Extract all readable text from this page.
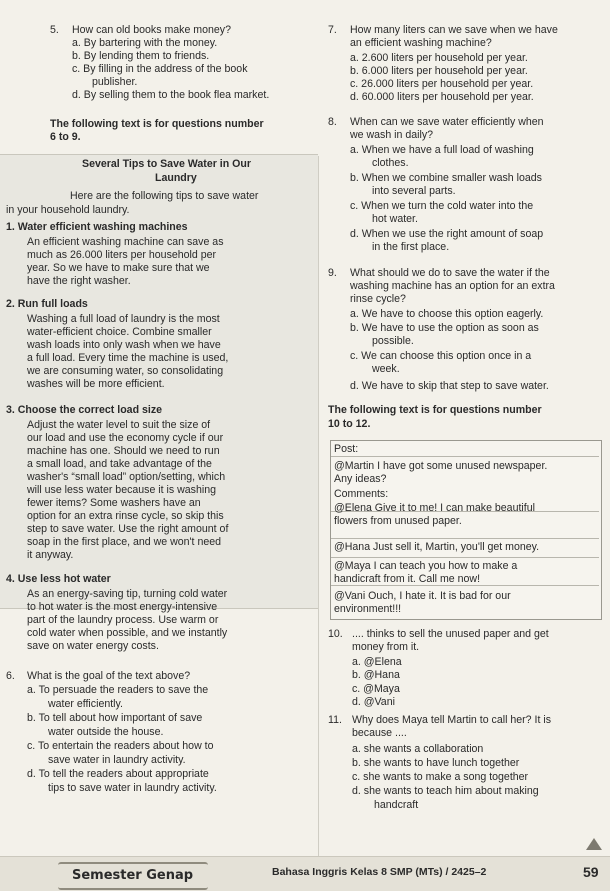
5. How can old books make money?

a. By bartering with the money.

b. By lending them to friends.

c. By filling in the address of the book

publisher.

d. By selling them to the book flea market.

The following text is for questions number

6 to 9.

Several Tips to Save Water in Our

Laundry

Here are the following tips to save water

in your household laundry.

1. Water efficient washing machines

An efficient washing machine can save as

much as 26.000 liters per household per

year. So we have to make sure that we

have the right washer.

2. Run full loads

Washing a full load of laundry is the most

water-efficient choice. Combine smaller

wash loads into only wash when we have

a full load. Every time the machine is used,

we are consuming water, so consolidating

washes will be more efficient.

3. Choose the correct load size

Adjust the water level to suit the size of

our load and use the economy cycle if our

machine has one. Should we need to run

a small load, and take advantage of the

washer's “small load” option/setting, which

will use less water because it is washing

fewer items? Some washers have an

option for an extra rinse cycle, so skip this

step to save water. Use the right amount of

soap in the first place, and we won't need

it anyway.

4. Use less hot water

As an energy-saving tip, turning cold water

to hot water is the most energy-intensive

part of the laundry process. Use warm or

cold water when possible, and we instantly

save on water energy costs.

6. What is the goal of the text above?

a. To persuade the readers to save the

water efficiently.

b. To tell about how important of save

water outside the house.

c. To entertain the readers about how to

save water in laundry activity.

d. To tell the readers about appropriate

tips to save water in laundry activity.

7. How many liters can we save when we have

an efficient washing machine?

a. 2.600 liters per household per year.

b. 6.000 liters per household per year.

c. 26.000 liters per household per year.

d. 60.000 liters per household per year.

8. When can we save water efficiently when

we wash in daily?

a. When we have a full load of washing

clothes.

b. When we combine smaller wash loads

into several parts.

c. When we turn the cold water into the

hot water.

d. When we use the right amount of soap

in the first place.

9. What should we do to save the water if the

washing machine has an option for an extra

rinse cycle?

a. We have to choose this option eagerly.

b. We have to use the option as soon as

possible.

c. We can choose this option once in a

week.

d. We have to skip that step to save water.

The following text is for questions number

10 to 12.

Post:

@Martin I have got some unused newspaper.

Any ideas?

Comments:

@Elena Give it to me! I can make beautiful

flowers from unused paper.

@Hana Just sell it, Martin, you'll get money.

@Maya I can teach you how to make a

handicraft from it. Call me now!

@Vani Ouch, I hate it. It is bad for our

environment!!!

10. .... thinks to sell the unused paper and get

money from it.

a. @Elena

b. @Hana

c. @Maya

d. @Vani

11. Why does Maya tell Martin to call her? It is

because ....

a. she wants a collaboration

b. she wants to have lunch together

c. she wants to make a song together

d. she wants to teach him about making

handcraft

Semester Genap	Bahasa Inggris Kelas 8 SMP (MTs) / 2425–2	59
